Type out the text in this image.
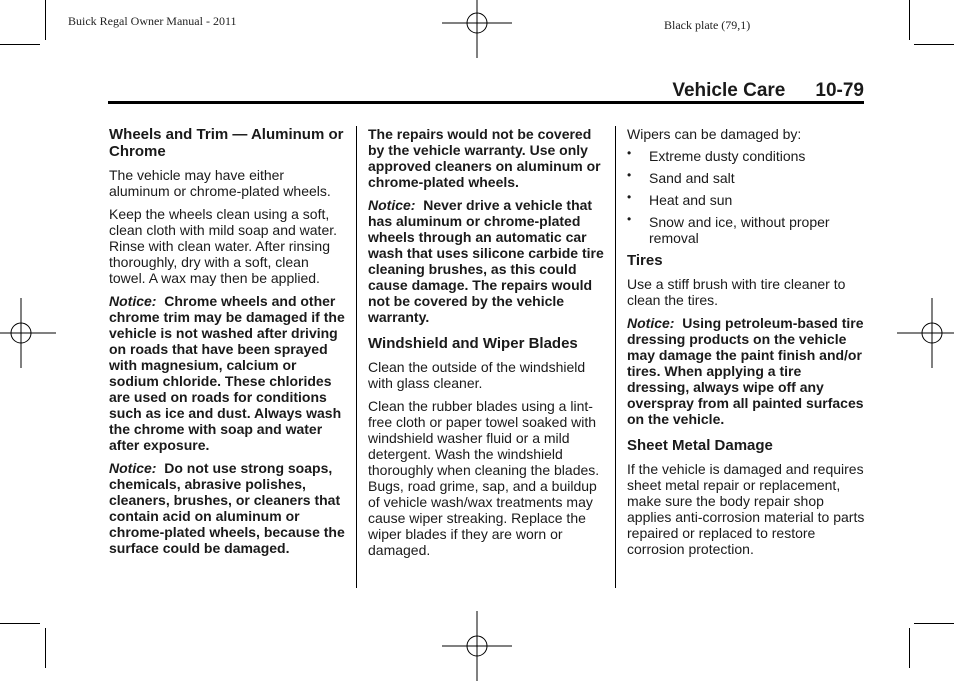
Buick Regal Owner Manual - 2011	Black plate (79,1)
Vehicle Care 10-79
Wheels and Trim — Aluminum or Chrome

The vehicle may have either aluminum or chrome-plated wheels.

Keep the wheels clean using a soft, clean cloth with mild soap and water. Rinse with clean water. After rinsing thoroughly, dry with a soft, clean towel. A wax may then be applied.

Notice: Chrome wheels and other chrome trim may be damaged if the vehicle is not washed after driving on roads that have been sprayed with magnesium, calcium or sodium chloride. These chlorides are used on roads for conditions such as ice and dust. Always wash the chrome with soap and water after exposure.

Notice: Do not use strong soaps, chemicals, abrasive polishes, cleaners, brushes, or cleaners that contain acid on aluminum or chrome-plated wheels, because the surface could be damaged.

The repairs would not be covered by the vehicle warranty. Use only approved cleaners on aluminum or chrome-plated wheels.

Notice: Never drive a vehicle that has aluminum or chrome-plated wheels through an automatic car wash that uses silicone carbide tire cleaning brushes, as this could cause damage. The repairs would not be covered by the vehicle warranty.

Windshield and Wiper Blades

Clean the outside of the windshield with glass cleaner.

Clean the rubber blades using a lint-free cloth or paper towel soaked with windshield washer fluid or a mild detergent. Wash the windshield thoroughly when cleaning the blades. Bugs, road grime, sap, and a buildup of vehicle wash/wax treatments may cause wiper streaking. Replace the wiper blades if they are worn or damaged.

Wipers can be damaged by:

• Extreme dusty conditions
• Sand and salt
• Heat and sun
• Snow and ice, without proper removal
Tires

Use a stiff brush with tire cleaner to clean the tires.

Notice: Using petroleum-based tire dressing products on the vehicle may damage the paint finish and/or tires. When applying a tire dressing, always wipe off any overspray from all painted surfaces on the vehicle.

Sheet Metal Damage

If the vehicle is damaged and requires sheet metal repair or replacement, make sure the body repair shop applies anti-corrosion material to parts repaired or replaced to restore corrosion protection.
